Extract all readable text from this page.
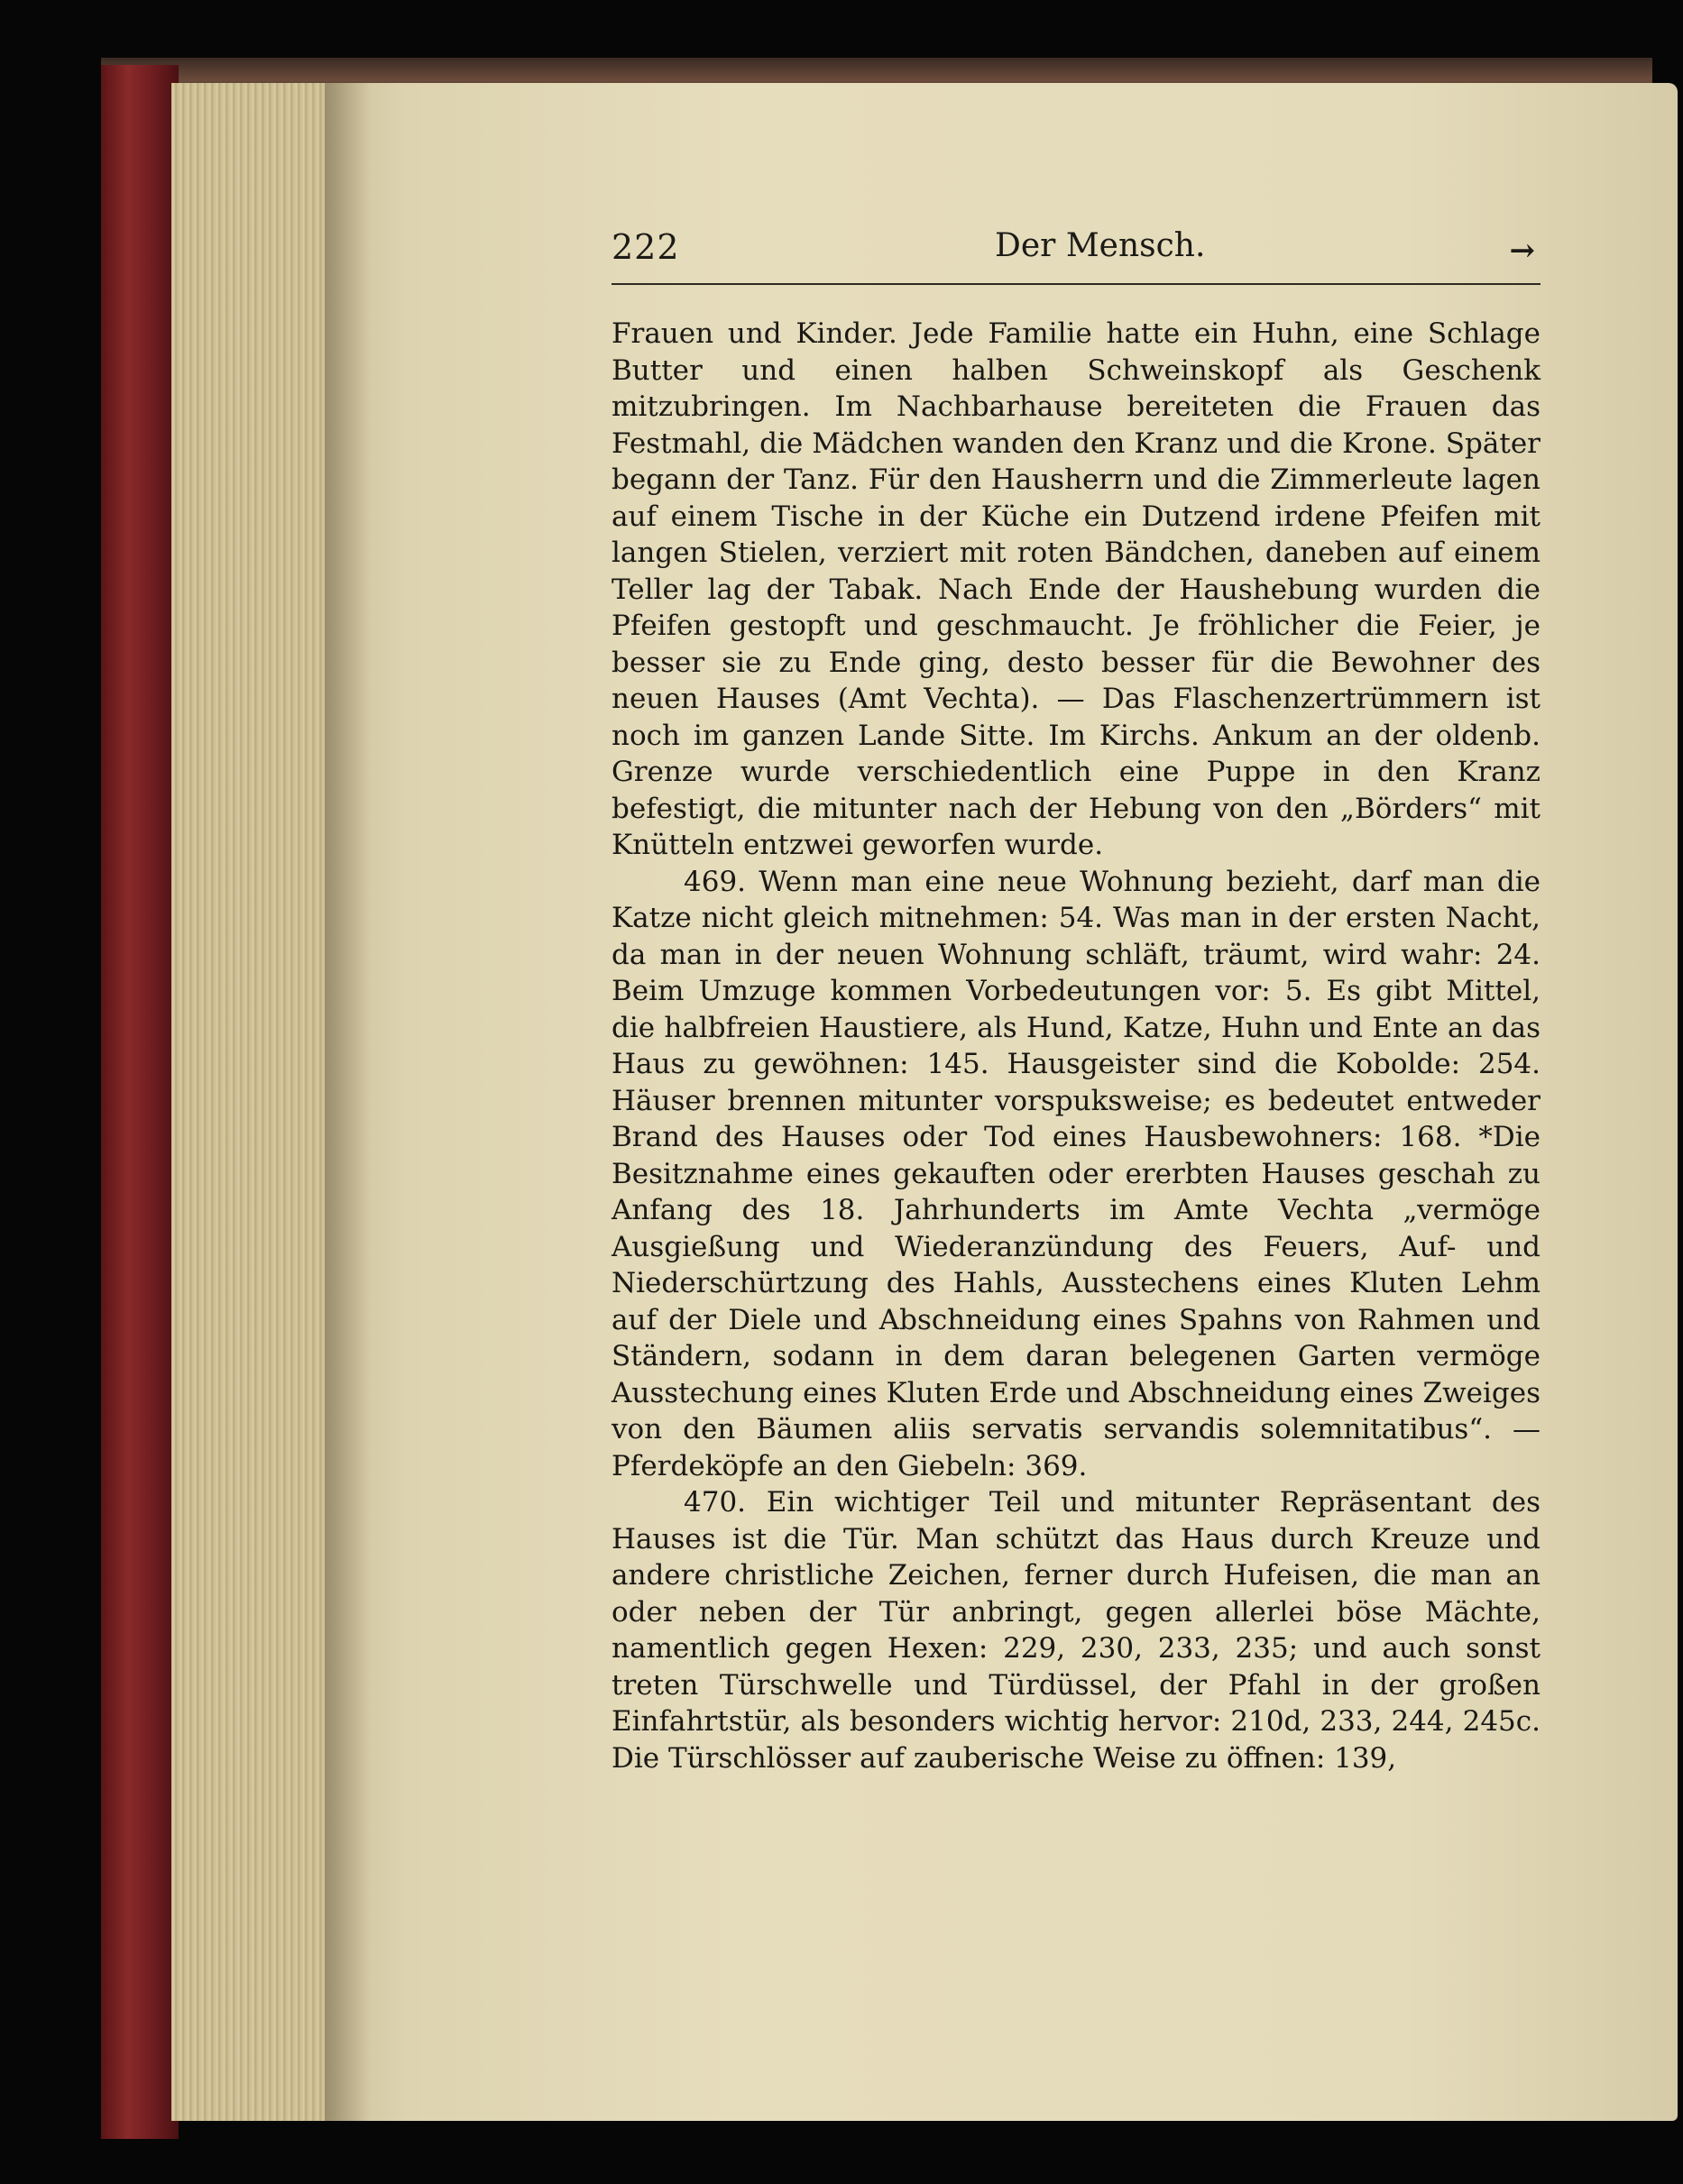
222	Der Mensch.	→

Frauen und Kinder. Jede Familie hatte ein Huhn, eine Schlage Butter und einen halben Schweinskopf als Geschenk mitzubringen. Im Nachbarhause bereiteten die Frauen das Festmahl, die Mädchen wanden den Kranz und die Krone. Später begann der Tanz. Für den Hausherrn und die Zimmerleute lagen auf einem Tische in der Küche ein Dutzend irdene Pfeifen mit langen Stielen, verziert mit roten Bändchen, daneben auf einem Teller lag der Tabak. Nach Ende der Haushebung wurden die Pfeifen gestopft und geschmaucht. Je fröhlicher die Feier, je besser sie zu Ende ging, desto besser für die Bewohner des neuen Hauses (Amt Vechta). — Das Flaschenzertrümmern ist noch im ganzen Lande Sitte. Im Kirchs. Ankum an der oldenb. Grenze wurde verschiedentlich eine Puppe in den Kranz befestigt, die mitunter nach der Hebung von den „Börders“ mit Knütteln entzwei geworfen wurde.

469. Wenn man eine neue Wohnung bezieht, darf man die Katze nicht gleich mitnehmen: 54. Was man in der ersten Nacht, da man in der neuen Wohnung schläft, träumt, wird wahr: 24. Beim Umzuge kommen Vorbedeutungen vor: 5. Es gibt Mittel, die halbfreien Haustiere, als Hund, Katze, Huhn und Ente an das Haus zu gewöhnen: 145. Hausgeister sind die Kobolde: 254. Häuser brennen mitunter vorspuksweise; es bedeutet entweder Brand des Hauses oder Tod eines Hausbewohners: 168. *Die Besitznahme eines gekauften oder ererbten Hauses geschah zu Anfang des 18. Jahrhunderts im Amte Vechta „vermöge Ausgießung und Wiederanzündung des Feuers, Auf- und Niederschürtzung des Hahls, Ausstechens eines Kluten Lehm auf der Diele und Abschneidung eines Spahns von Rahmen und Ständern, sodann in dem daran belegenen Garten vermöge Ausstechung eines Kluten Erde und Abschneidung eines Zweiges von den Bäumen aliis servatis servandis solemnitatibus“. — Pferdeköpfe an den Giebeln: 369.

470. Ein wichtiger Teil und mitunter Repräsentant des Hauses ist die Tür. Man schützt das Haus durch Kreuze und andere christliche Zeichen, ferner durch Hufeisen, die man an oder neben der Tür anbringt, gegen allerlei böse Mächte, namentlich gegen Hexen: 229, 230, 233, 235; und auch sonst treten Türschwelle und Türdüssel, der Pfahl in der großen Einfahrtstür, als besonders wichtig hervor: 210d, 233, 244, 245c. Die Türschlösser auf zauberische Weise zu öffnen: 139,
